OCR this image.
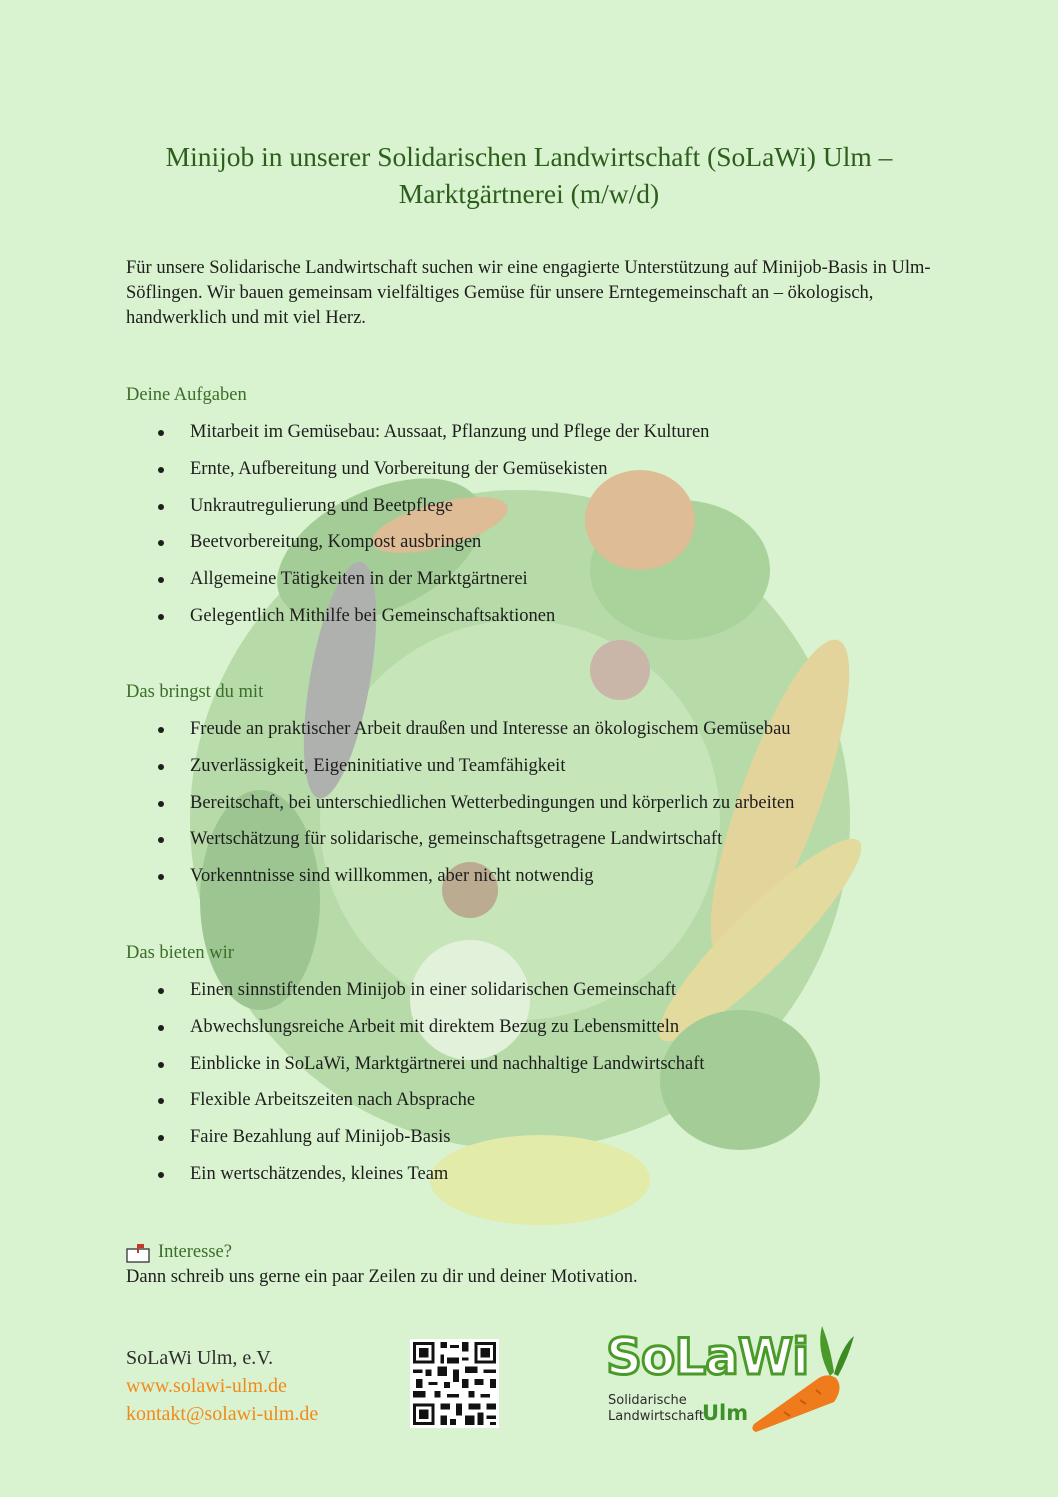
Minijob in unserer Solidarischen Landwirtschaft (SoLaWi) Ulm –
Marktgärtnerei (m/w/d)

Für unsere Solidarische Landwirtschaft suchen wir eine engagierte Unterstützung auf Minijob-Basis in Ulm- Söflingen. Wir bauen gemeinsam vielfältiges Gemüse für unsere Erntegemeinschaft an – ökologisch, handwerklich und mit viel Herz.

Deine Aufgaben
Mitarbeit im Gemüsebau: Aussaat, Pflanzung und Pflege der Kulturen
Ernte, Aufbereitung und Vorbereitung der Gemüsekisten
Unkrautregulierung und Beetpflege
Beetvorbereitung, Kompost ausbringen
Allgemeine Tätigkeiten in der Marktgärtnerei
Gelegentlich Mithilfe bei Gemeinschaftsaktionen
Das bringst du mit
Freude an praktischer Arbeit draußen und Interesse an ökologischem Gemüsebau
Zuverlässigkeit, Eigeninitiative und Teamfähigkeit
Bereitschaft, bei unterschiedlichen Wetterbedingungen und körperlich zu arbeiten
Wertschätzung für solidarische, gemeinschaftsgetragene Landwirtschaft
Vorkenntnisse sind willkommen, aber nicht notwendig
Das bieten wir
Einen sinnstiftenden Minijob in einer solidarischen Gemeinschaft
Abwechslungsreiche Arbeit mit direktem Bezug zu Lebensmitteln
Einblicke in SoLaWi, Marktgärtnerei und nachhaltige Landwirtschaft
Flexible Arbeitszeiten nach Absprache
Faire Bezahlung auf Minijob-Basis
Ein wertschätzendes, kleines Team
Interesse?
Dann schreib uns gerne ein paar Zeilen zu dir und deiner Motivation.
SoLaWi Ulm, e.V.
www.solawi-ulm.de
kontakt@solawi-ulm.de
SoLaWi
Solidarische
Landwirtschaft
Ulm
